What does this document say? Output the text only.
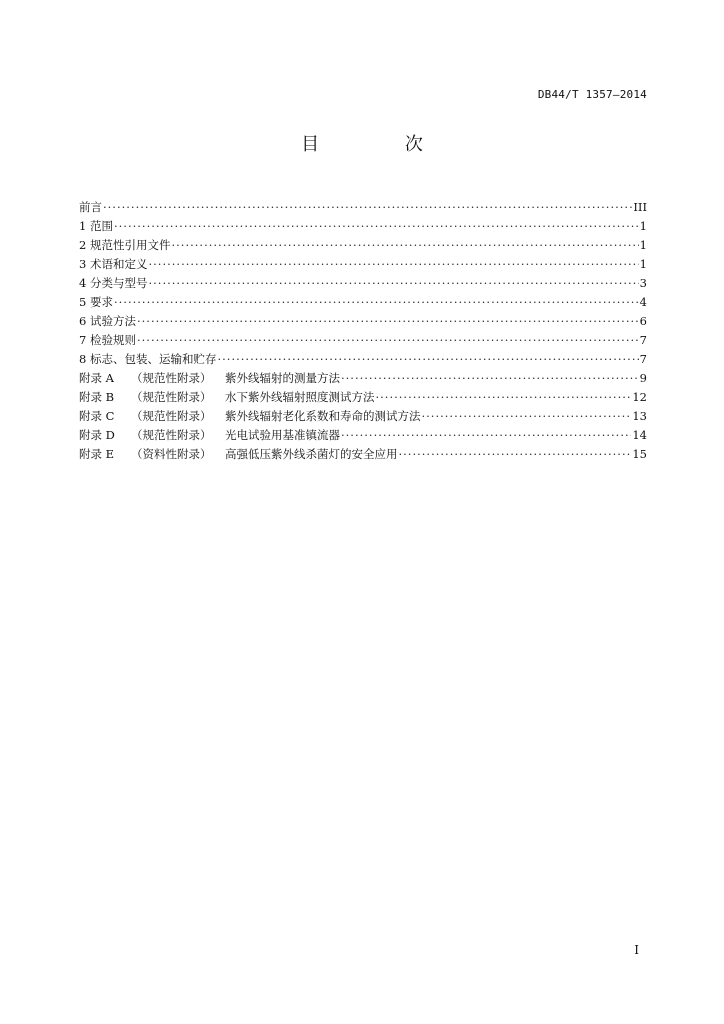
DB44/T 1357—2014
目 次
前言 ·····	III
1 范围 ·····	1
2 规范性引用文件 ·····	1
3 术语和定义 ·····	1
4 分类与型号 ·····	3
5 要求 ·····	4
6 试验方法 ·····	6
7 检验规则 ·····	7
8 标志、包装、运输和贮存 ·····	7
附录 A	（规范性附录）	紫外线辐射的测量方法 ·····	9
附录 B	（规范性附录）	水下紫外线辐射照度测试方法 ·····	12
附录 C	（规范性附录）	紫外线辐射老化系数和寿命的测试方法 ·····	13
附录 D	（规范性附录）	光电试验用基准镇流器 ·····	14
附录 E	（资料性附录）	高强低压紫外线杀菌灯的安全应用 ·····	15
I
